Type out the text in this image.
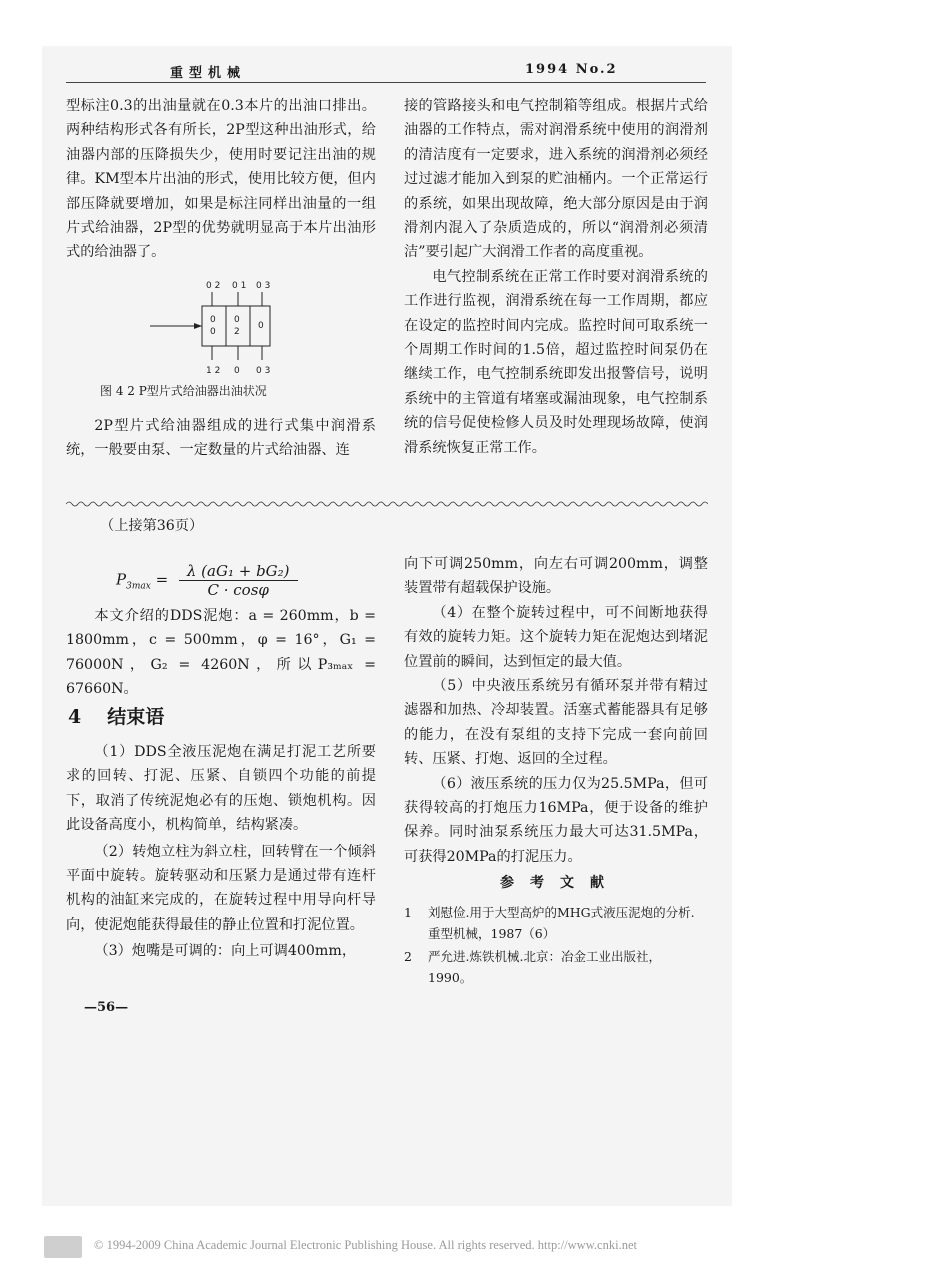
重型机械	1994 No.2

型标注0.3的出油量就在0.3本片的出油口排出。两种结构形式各有所长，2P型这种出油形式，给油器内部的压降损失少，使用时要记注出油的规律。KM型本片出油的形式，使用比较方便，但内部压降就要增加，如果是标注同样出油量的一组片式给油器，2P型的优势就明显高于本片出油形式的给油器了。

0 2 0 1 0 3
1 2 0 0 3
0
0
0
2
0
图 4 2 P型片式给油器出油状况

2P型片式给油器组成的进行式集中润滑系统，一般要由泵、一定数量的片式给油器、连

接的管路接头和电气控制箱等组成。根据片式给油器的工作特点，需对润滑系统中使用的润滑剂的清洁度有一定要求，进入系统的润滑剂必须经过过滤才能加入到泵的贮油桶内。一个正常运行的系统，如果出现故障，绝大部分原因是由于润滑剂内混入了杂质造成的，所以“润滑剂必须清洁”要引起广大润滑工作者的高度重视。

电气控制系统在正常工作时要对润滑系统的工作进行监视，润滑系统在每一工作周期，都应在设定的监控时间内完成。监控时间可取系统一个周期工作时间的1.5倍，超过监控时间泵仍在继续工作，电气控制系统即发出报警信号，说明系统中的主管道有堵塞或漏油现象，电气控制系统的信号促使检修人员及时处理现场故障，使润滑系统恢复正常工作。

（上接第36页）
$P_{3max} = \frac{\text{λ (aG₁ + bG₂)}}{C \cdot \cos\varphi}$

本文介绍的DDS泥炮：a = 260mm，b = 1800mm，c = 500mm，φ = 16°，G₁ = 76000N，G₂ = 4260N，所以P₃ₘₐₓ = 67660N。

4 结束语

（1）DDS全液压泥炮在满足打泥工艺所要求的回转、打泥、压紧、自锁四个功能的前提下，取消了传统泥炮必有的压炮、锁炮机构。因此设备高度小，机构简单，结构紧凑。

（2）转炮立柱为斜立柱，回转臂在一个倾斜平面中旋转。旋转驱动和压紧力是通过带有连杆机构的油缸来完成的，在旋转过程中用导向杆导向，使泥炮能获得最佳的静止位置和打泥位置。

（3）炮嘴是可调的：向上可调400mm，

—56—

向下可调250mm，向左右可调200mm，调整装置带有超载保护设施。

（4）在整个旋转过程中，可不间断地获得有效的旋转力矩。这个旋转力矩在泥炮达到堵泥位置前的瞬间，达到恒定的最大值。

（5）中央液压系统另有循环泵并带有精过滤器和加热、冷却装置。活塞式蓄能器具有足够的能力，在没有泵组的支持下完成一套向前回转、压紧、打炮、返回的全过程。

（6）液压系统的压力仅为25.5MPa，但可获得较高的打炮压力16MPa，便于设备的维护保养。同时油泵系统压力最大可达31.5MPa，可获得20MPa的打泥压力。

参考文献
1 刘慰俭.用于大型高炉的MHG式液压泥炮的分析.重型机械，1987（6）
2 严允进.炼铁机械.北京：冶金工业出版社，1990。
© 1994-2009 China Academic Journal Electronic Publishing House. All rights reserved. http://www.cnki.net
